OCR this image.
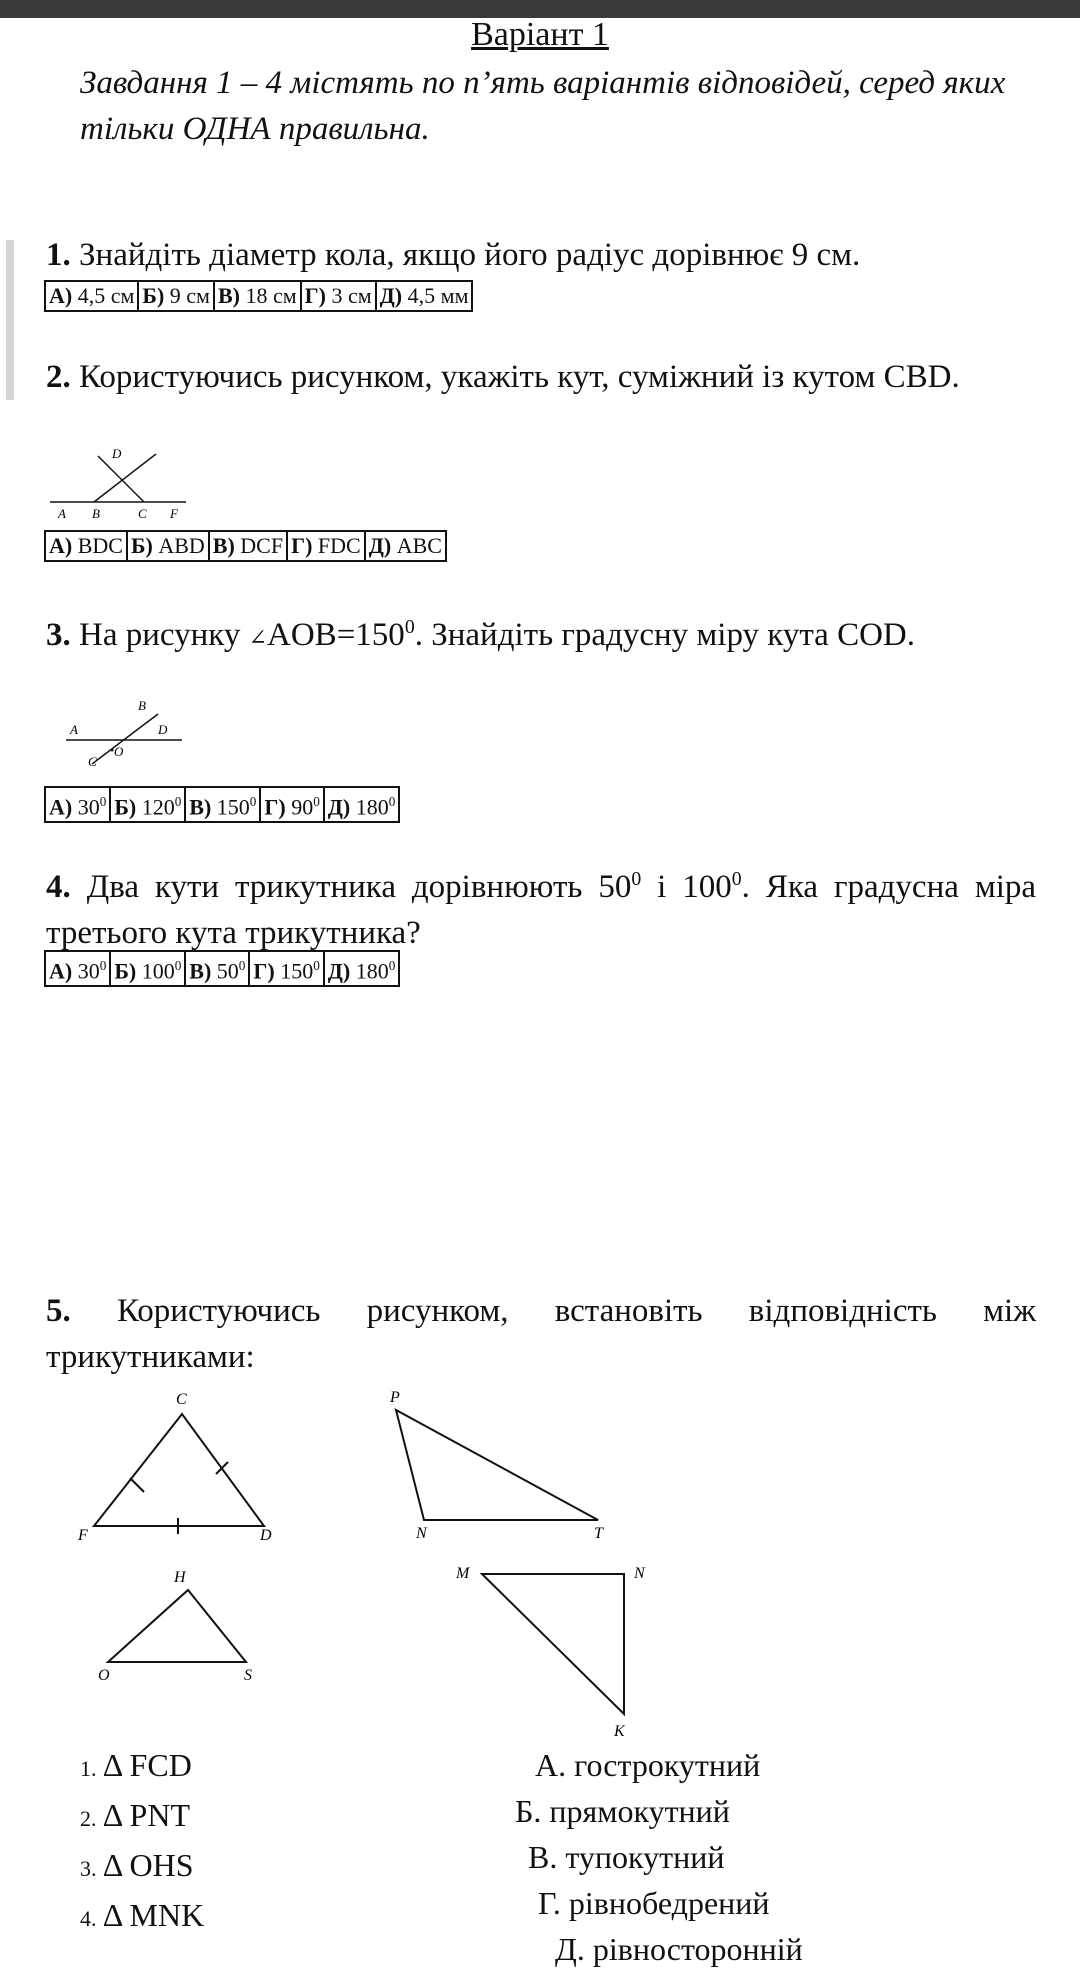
Варіант 1
Завдання 1 – 4 містять по п’ять варіантів відповідей, серед яких тільки ОДНА правильна.
1. Знайдіть діаметр кола, якщо його радіус дорівнює 9 см.
А) 4,5 см	Б) 9 см	В) 18 см	Г) 3 см	Д) 4,5 мм
2. Користуючись рисунком, укажіть кут, суміжний із кутом CBD.
D
A B	C F
А) BDC	Б) ABD	В) DCF	Г) FDC	Д) ABC
3. На рисунку $\angle AOB=150^0$. Знайдіть градусну міру кута COD.
B
A	D
C
O
А) $30^0$	Б) $120^0$	В) $150^0$	Г) $90^0$	Д) $180^0$
4. Два кути трикутника дорівнюють $50^0$ і $100^0$. Яка градусна міра третього кута трикутника?
А) $30^0$	Б) $100^0$	В) $50^0$	Г) $150^0$	Д) $180^0$
5. Користуючись рисунком, встановіть відповідність між трикутниками:
C
F	D
P
N	T
H
O	S
M	N
K
1. Δ FCD
2. Δ PNT
3. Δ OHS
4. Δ MNK
А. гострокутний
Б. прямокутний
В. тупокутний
Г. рівнобедрений
Д. рівносторонній
